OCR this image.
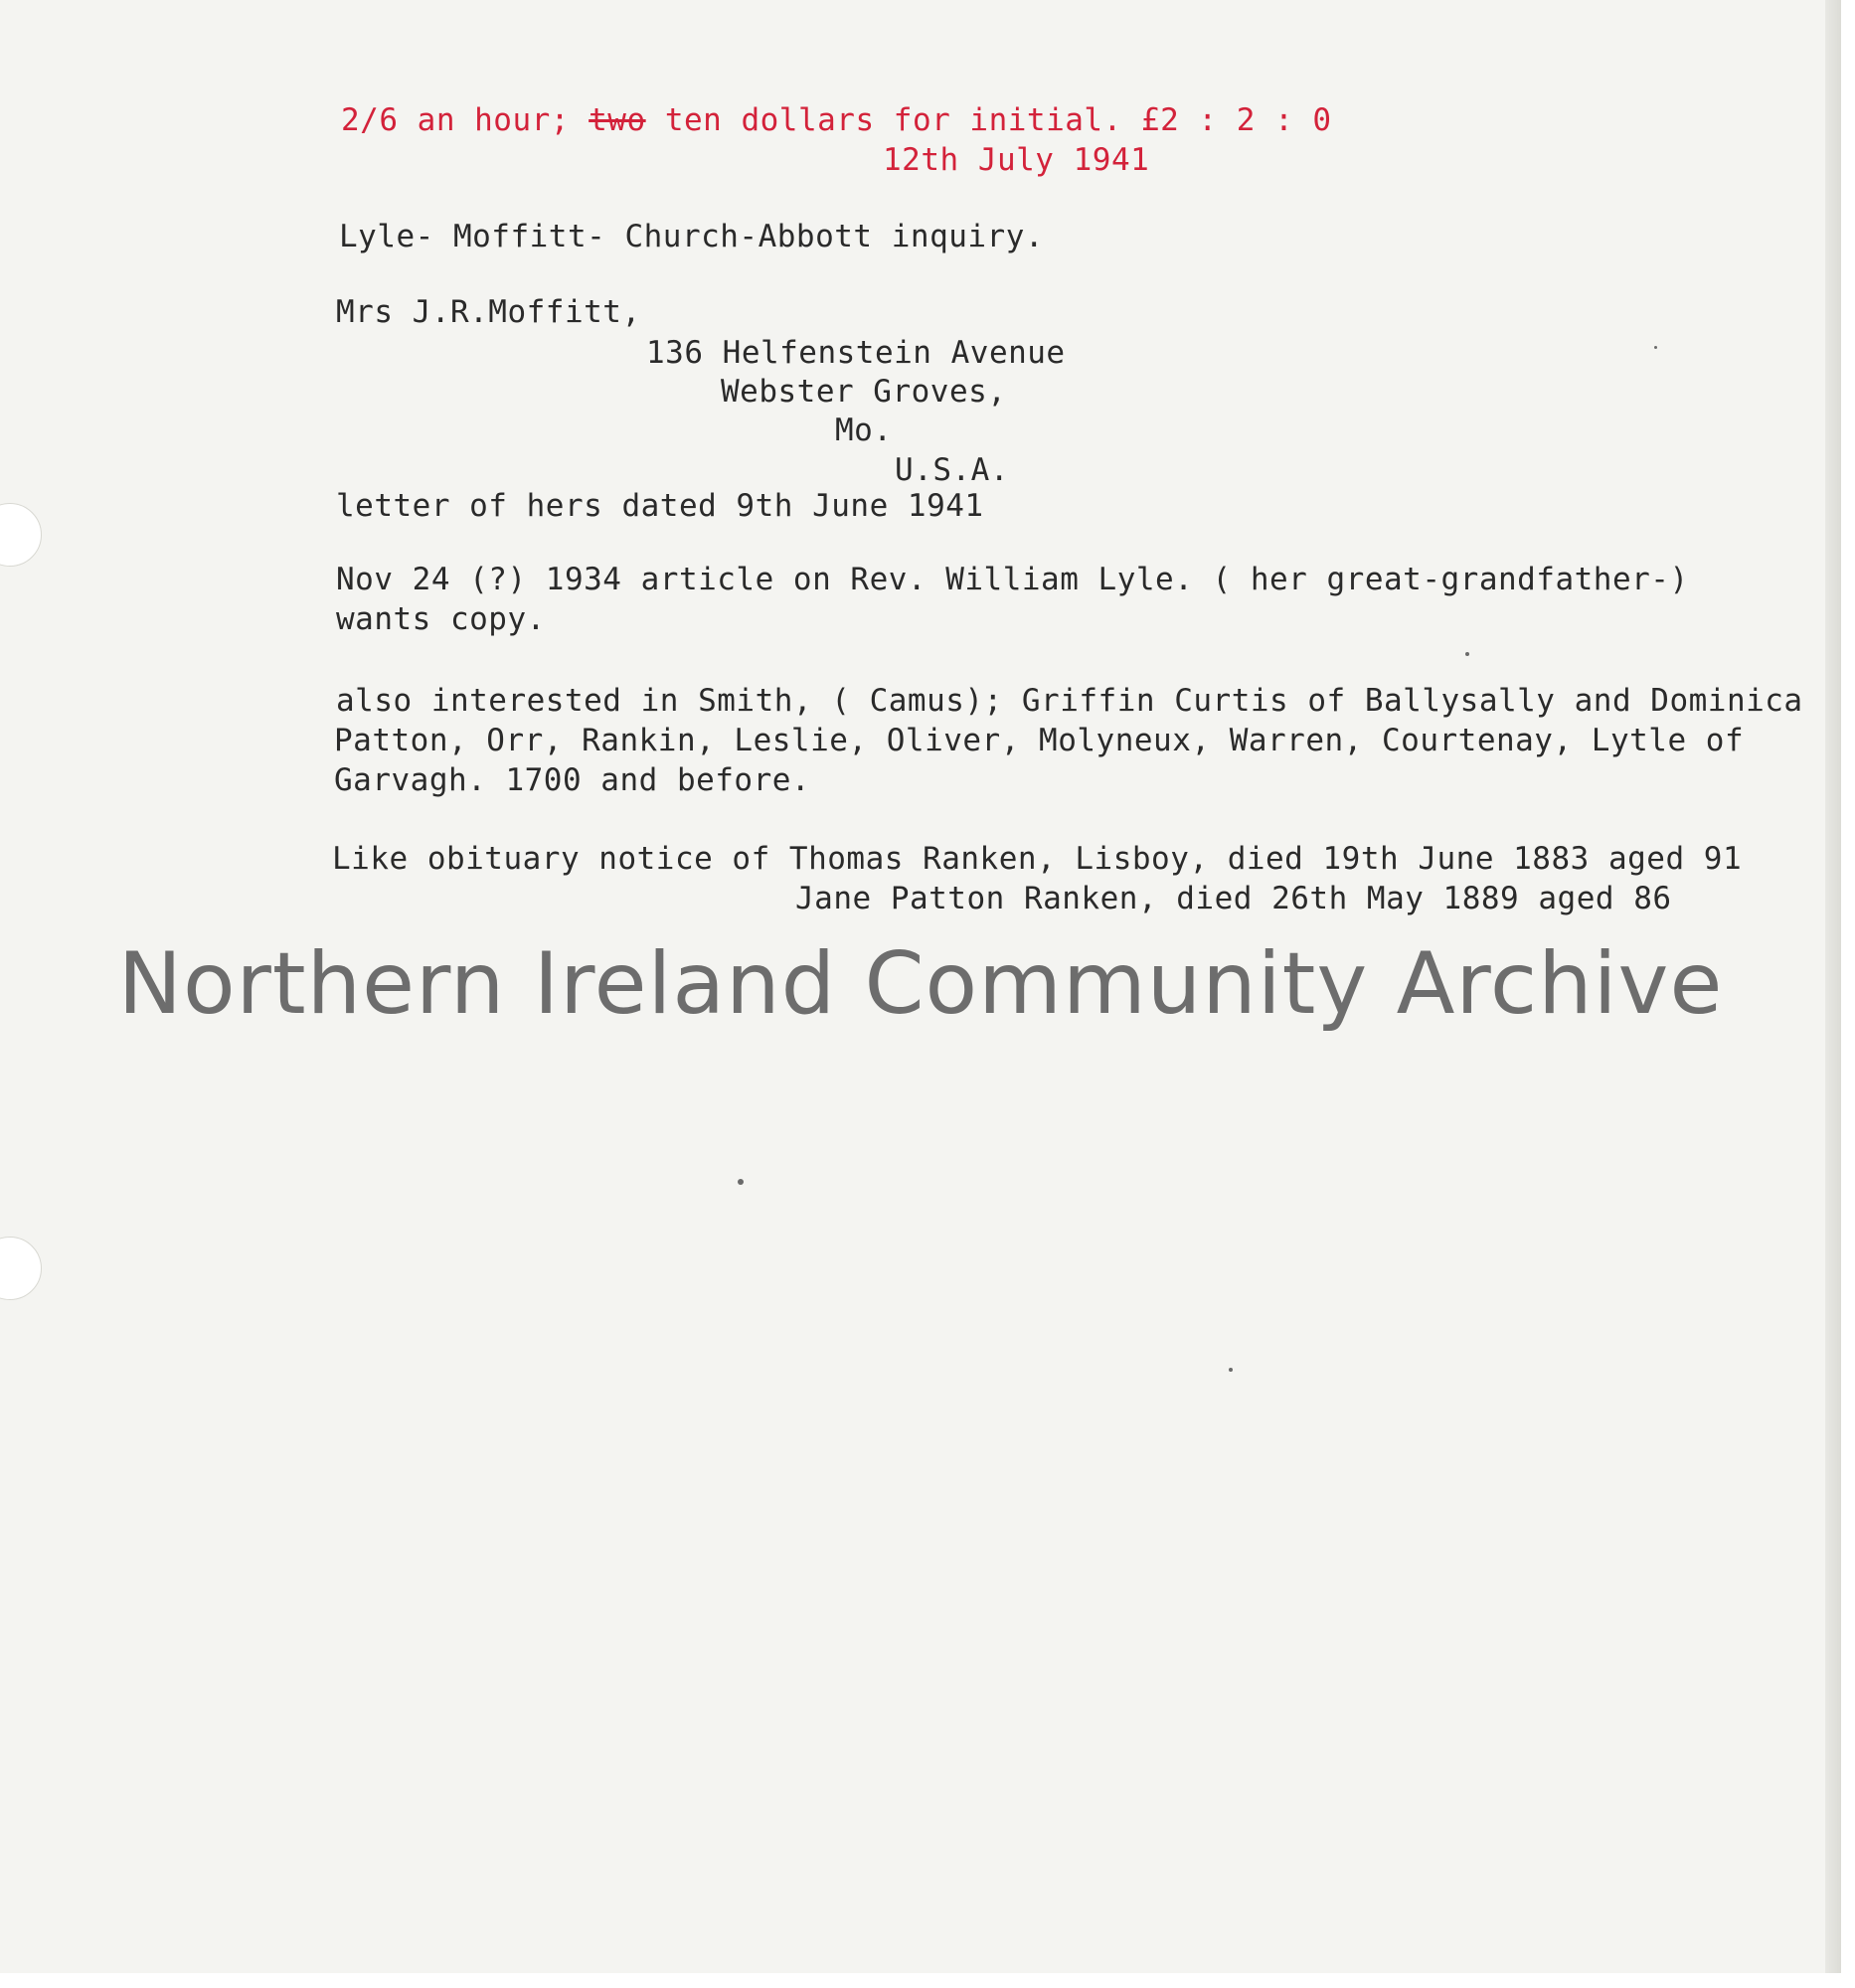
2/6 an hour; two ten dollars for initial. £2 : 2 : 0
12th July 1941
Lyle- Moffitt- Church-Abbott inquiry.
Mrs J.R.Moffitt,
136 Helfenstein Avenue
Webster Groves,
Mo.
U.S.A.
letter of hers dated 9th June 1941
Nov 24 (?) 1934 article on Rev. William Lyle. ( her great-grandfather-)
wants copy.
also interested in Smith, ( Camus); Griffin Curtis of Ballysally and Dominica
Patton, Orr, Rankin, Leslie, Oliver, Molyneux, Warren, Courtenay, Lytle of
Garvagh. 1700 and before.
Like obituary notice of Thomas Ranken, Lisboy, died 19th June 1883 aged 91
Jane Patton Ranken, died 26th May 1889 aged 86
Northern Ireland Community Archive
